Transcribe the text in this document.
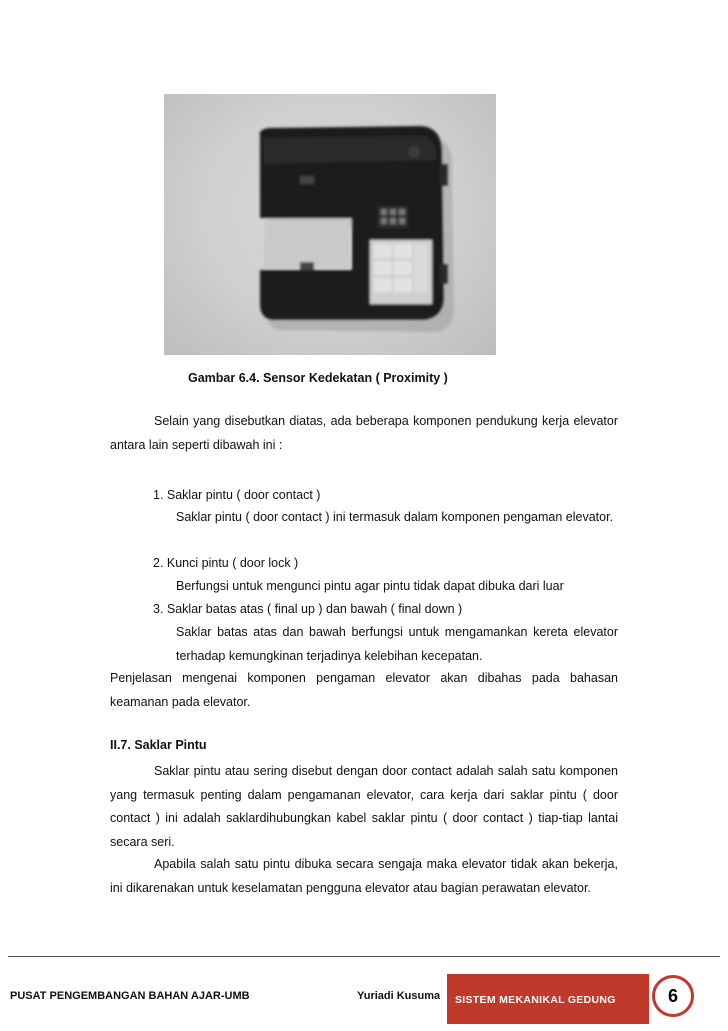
Gambar 6.4. Sensor Kedekatan ( Proximity )

Selain yang disebutkan diatas, ada beberapa komponen pendukung kerja elevator antara lain seperti dibawah ini :

1. Saklar pintu ( door contact )
Saklar pintu ( door contact ) ini termasuk dalam komponen pengaman elevator.
2. Kunci pintu ( door lock )
Berfungsi untuk mengunci pintu agar pintu tidak dapat dibuka dari luar
3. Saklar batas atas ( final up ) dan bawah ( final down )
Saklar batas atas dan bawah berfungsi untuk mengamankan kereta elevator terhadap kemungkinan terjadinya kelebihan kecepatan.

Penjelasan mengenai komponen pengaman elevator akan dibahas pada bahasan keamanan pada elevator.

II.7. Saklar Pintu

Saklar pintu atau sering disebut dengan door contact adalah salah satu komponen yang termasuk penting dalam pengamanan elevator, cara kerja dari saklar pintu ( door contact ) ini adalah saklardihubungkan kabel saklar pintu ( door contact ) tiap-tiap lantai secara seri.

Apabila salah satu pintu dibuka secara sengaja maka elevator tidak akan bekerja, ini dikarenakan untuk keselamatan pengguna elevator atau bagian perawatan elevator.

PUSAT PENGEMBANGAN BAHAN AJAR-UMB	Yuriadi Kusuma SISTEM MEKANIKAL GEDUNG	6
